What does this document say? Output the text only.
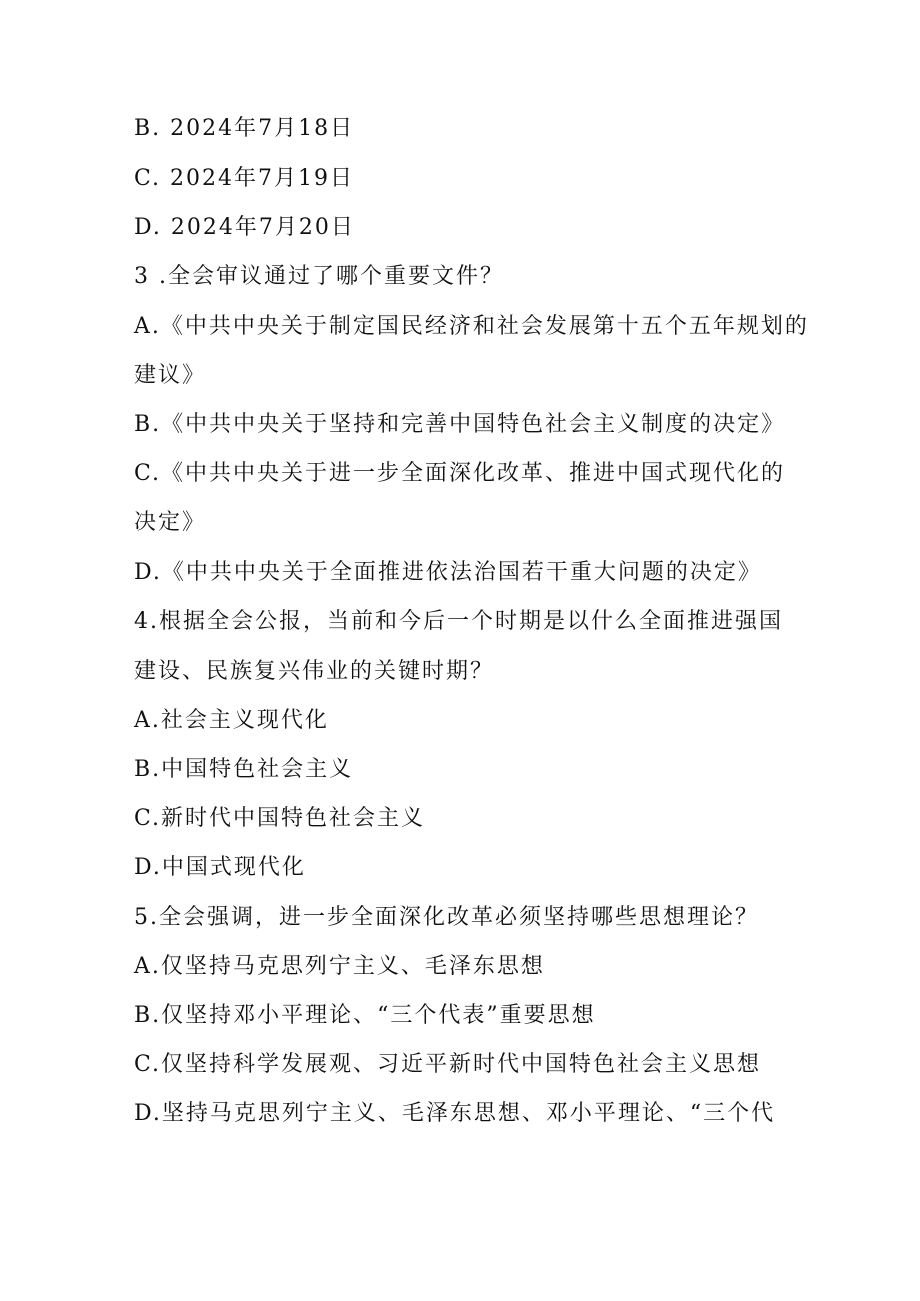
B. 2024年7月18日
C. 2024年7月19日
D. 2024年7月20日
3 .全会审议通过了哪个重要文件？
A.《中共中央关于制定国民经济和社会发展第十五个五年规划的
建议》
B.《中共中央关于坚持和完善中国特色社会主义制度的决定》
C.《中共中央关于进一步全面深化改革、推进中国式现代化的
决定》
D.《中共中央关于全面推进依法治国若干重大问题的决定》
4.根据全会公报，当前和今后一个时期是以什么全面推进强国
建设、民族复兴伟业的关键时期？
A.社会主义现代化
B.中国特色社会主义
C.新时代中国特色社会主义
D.中国式现代化
5.全会强调，进一步全面深化改革必须坚持哪些思想理论？
A.仅坚持马克思列宁主义、毛泽东思想
B.仅坚持邓小平理论、“三个代表”重要思想
C.仅坚持科学发展观、习近平新时代中国特色社会主义思想
D.坚持马克思列宁主义、毛泽东思想、邓小平理论、“三个代
